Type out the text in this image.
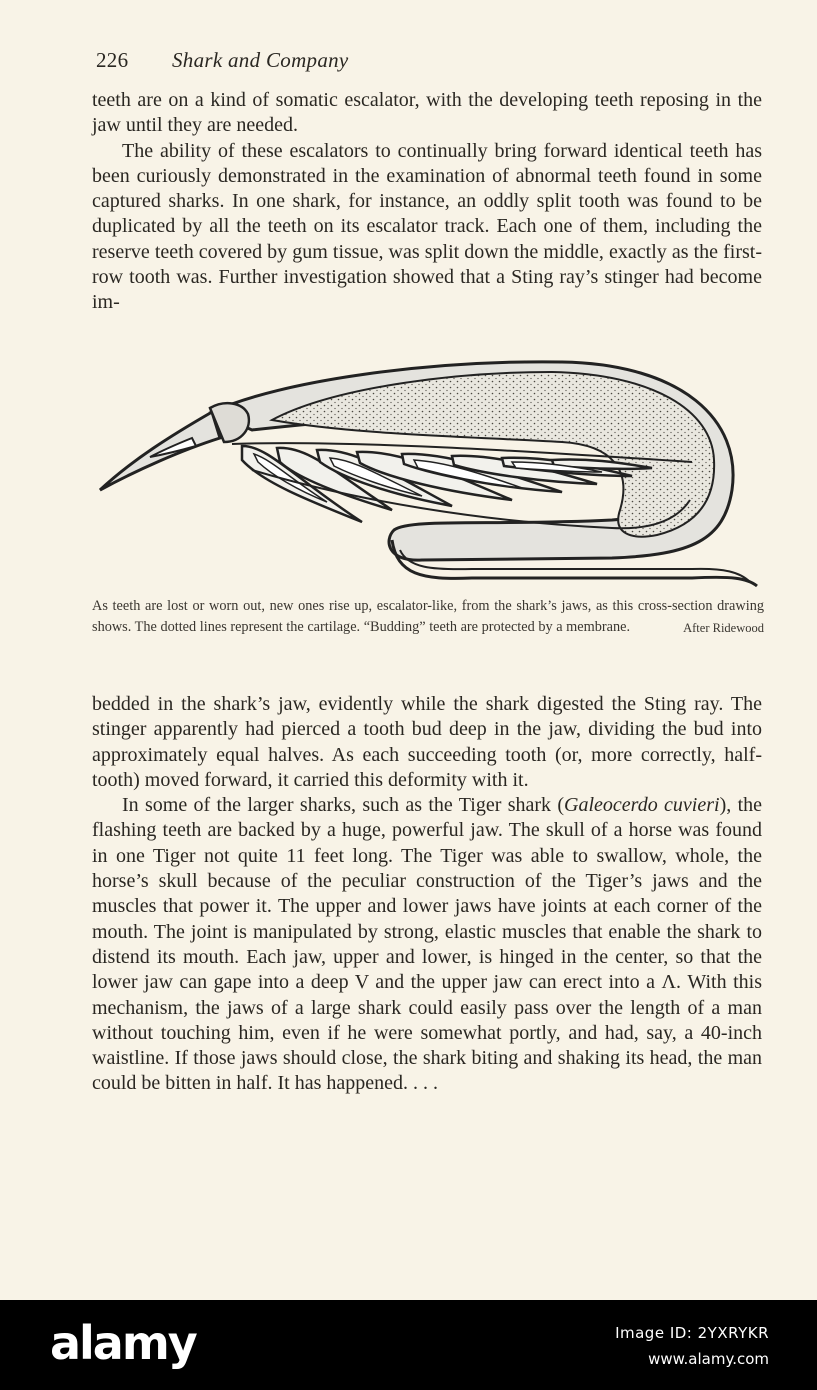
226 Shark and Company

teeth are on a kind of somatic escalator, with the developing teeth reposing in the jaw until they are needed.

The ability of these escalators to continually bring forward identical teeth has been curiously demonstrated in the examination of abnormal teeth found in some captured sharks. In one shark, for instance, an oddly split tooth was found to be duplicated by all the teeth on its escalator track. Each one of them, including the reserve teeth covered by gum tissue, was split down the middle, exactly as the first-row tooth was. Further investigation showed that a Sting ray’s stinger had become im-

As teeth are lost or worn out, new ones rise up, escalator-like, from the shark’s jaws, as this cross-section drawing shows. The dotted lines represent the cartilage. “Budding” teeth are protected by a membrane.	After Ridewood

bedded in the shark’s jaw, evidently while the shark digested the Sting ray. The stinger apparently had pierced a tooth bud deep in the jaw, dividing the bud into approximately equal halves. As each succeeding tooth (or, more correctly, half-tooth) moved forward, it carried this deformity with it.

In some of the larger sharks, such as the Tiger shark (Galeocerdo cuvieri), the flashing teeth are backed by a huge, powerful jaw. The skull of a horse was found in one Tiger not quite 11 feet long. The Tiger was able to swallow, whole, the horse’s skull because of the peculiar construction of the Tiger’s jaws and the muscles that power it. The upper and lower jaws have joints at each corner of the mouth. The joint is manipulated by strong, elastic muscles that enable the shark to distend its mouth. Each jaw, upper and lower, is hinged in the center, so that the lower jaw can gape into a deep V and the upper jaw can erect into a Λ. With this mechanism, the jaws of a large shark could easily pass over the length of a man without touching him, even if he were somewhat portly, and had, say, a 40-inch waistline. If those jaws should close, the shark biting and shaking its head, the man could be bitten in half. It has happened. . . .

alamy	Image ID: 2YXRYKR
www.alamy.com
